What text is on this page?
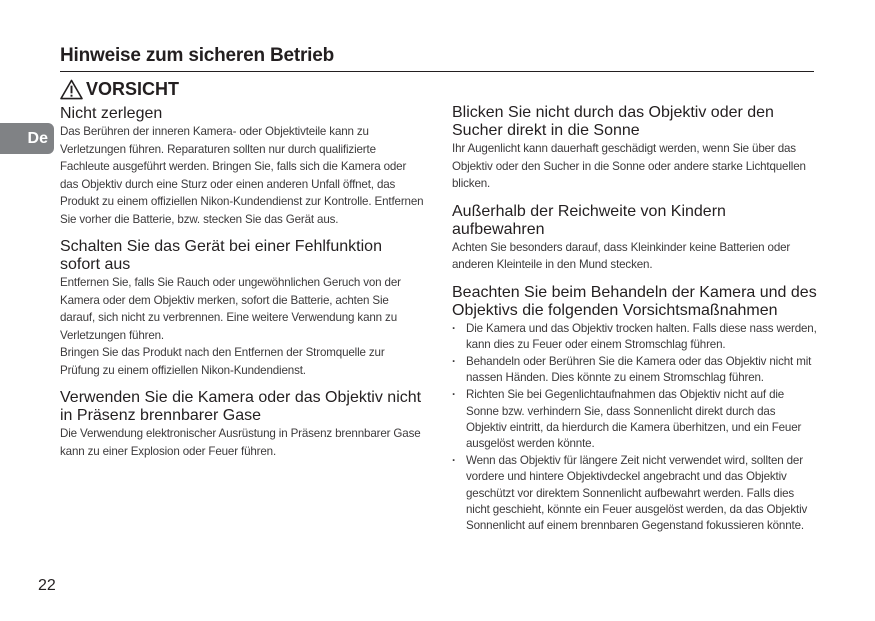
Hinweise zum sicheren Betrieb
VORSICHT
De
Nicht zerlegen

Das Berühren der inneren Kamera- oder Objektivteile kann zu Verletzungen führen. Reparaturen sollten nur durch qualifizierte Fachleute ausgeführt werden. Bringen Sie, falls sich die Kamera oder das Objektiv durch eine Sturz oder einen anderen Unfall öffnet, das Produkt zu einem offiziellen Nikon-Kundendienst zur Kontrolle. Entfernen Sie vorher die Batterie, bzw. stecken Sie das Gerät aus.

Schalten Sie das Gerät bei einer Fehlfunktion sofort aus

Entfernen Sie, falls Sie Rauch oder ungewöhnlichen Geruch von der Kamera oder dem Objektiv merken, sofort die Batterie, achten Sie darauf, sich nicht zu verbrennen. Eine weitere Verwendung kann zu Verletzungen führen.

Bringen Sie das Produkt nach den Entfernen der Stromquelle zur Prüfung zu einem offiziellen Nikon-Kundendienst.

Verwenden Sie die Kamera oder das Objektiv nicht in Präsenz brennbarer Gase

Die Verwendung elektronischer Ausrüstung in Präsenz brennbarer Gase kann zu einer Explosion oder Feuer führen.

Blicken Sie nicht durch das Objektiv oder den Sucher direkt in die Sonne

Ihr Augenlicht kann dauerhaft geschädigt werden, wenn Sie über das Objektiv oder den Sucher in die Sonne oder andere starke Lichtquellen blicken.

Außerhalb der Reichweite von Kindern aufbewahren

Achten Sie besonders darauf, dass Kleinkinder keine Batterien oder anderen Kleinteile in den Mund stecken.

Beachten Sie beim Behandeln der Kamera und des Objektivs die folgenden Vorsichtsmaßnahmen
· Die Kamera und das Objektiv trocken halten. Falls diese nass werden, kann dies zu Feuer oder einem Stromschlag führen.
· Behandeln oder Berühren Sie die Kamera oder das Objektiv nicht mit nassen Händen. Dies könnte zu einem Stromschlag führen.
· Richten Sie bei Gegenlichtaufnahmen das Objektiv nicht auf die Sonne bzw. verhindern Sie, dass Sonnenlicht direkt durch das Objektiv eintritt, da hierdurch die Kamera überhitzen, und ein Feuer ausgelöst werden könnte.
· Wenn das Objektiv für längere Zeit nicht verwendet wird, sollten der vordere und hintere Objektivdeckel angebracht und das Objektiv geschützt vor direktem Sonnenlicht aufbewahrt werden. Falls dies nicht geschieht, könnte ein Feuer ausgelöst werden, da das Objektiv Sonnenlicht auf einem brennbaren Gegenstand fokussieren könnte.
22
